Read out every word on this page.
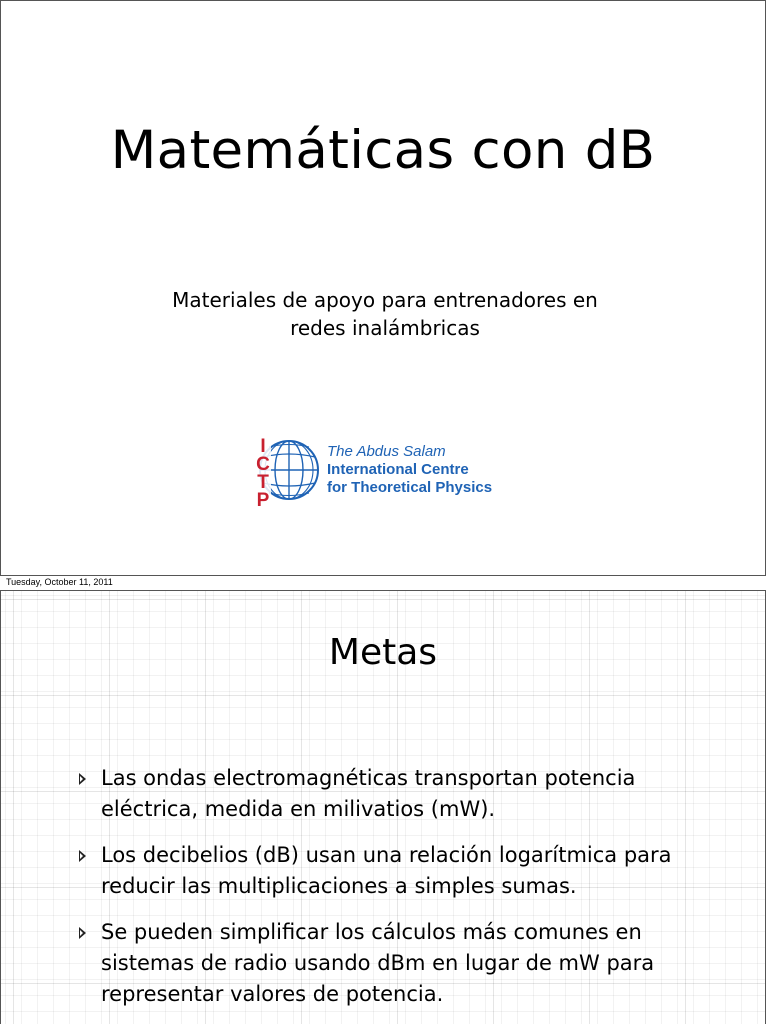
Matemáticas con dB
Materiales de apoyo para entrenadores en
redes inalámbricas
I
C
T
P
The Abdus Salam
International Centre
for Theoretical Physics
Tuesday, October 11, 2011
Metas
Las ondas electromagnéticas transportan potencia
eléctrica, medida en milivatios (mW).
Los decibelios (dB) usan una relación logarítmica para
reducir las multiplicaciones a simples sumas.
Se pueden simplificar los cálculos más comunes en
sistemas de radio usando dBm en lugar de mW para
representar valores de potencia.
